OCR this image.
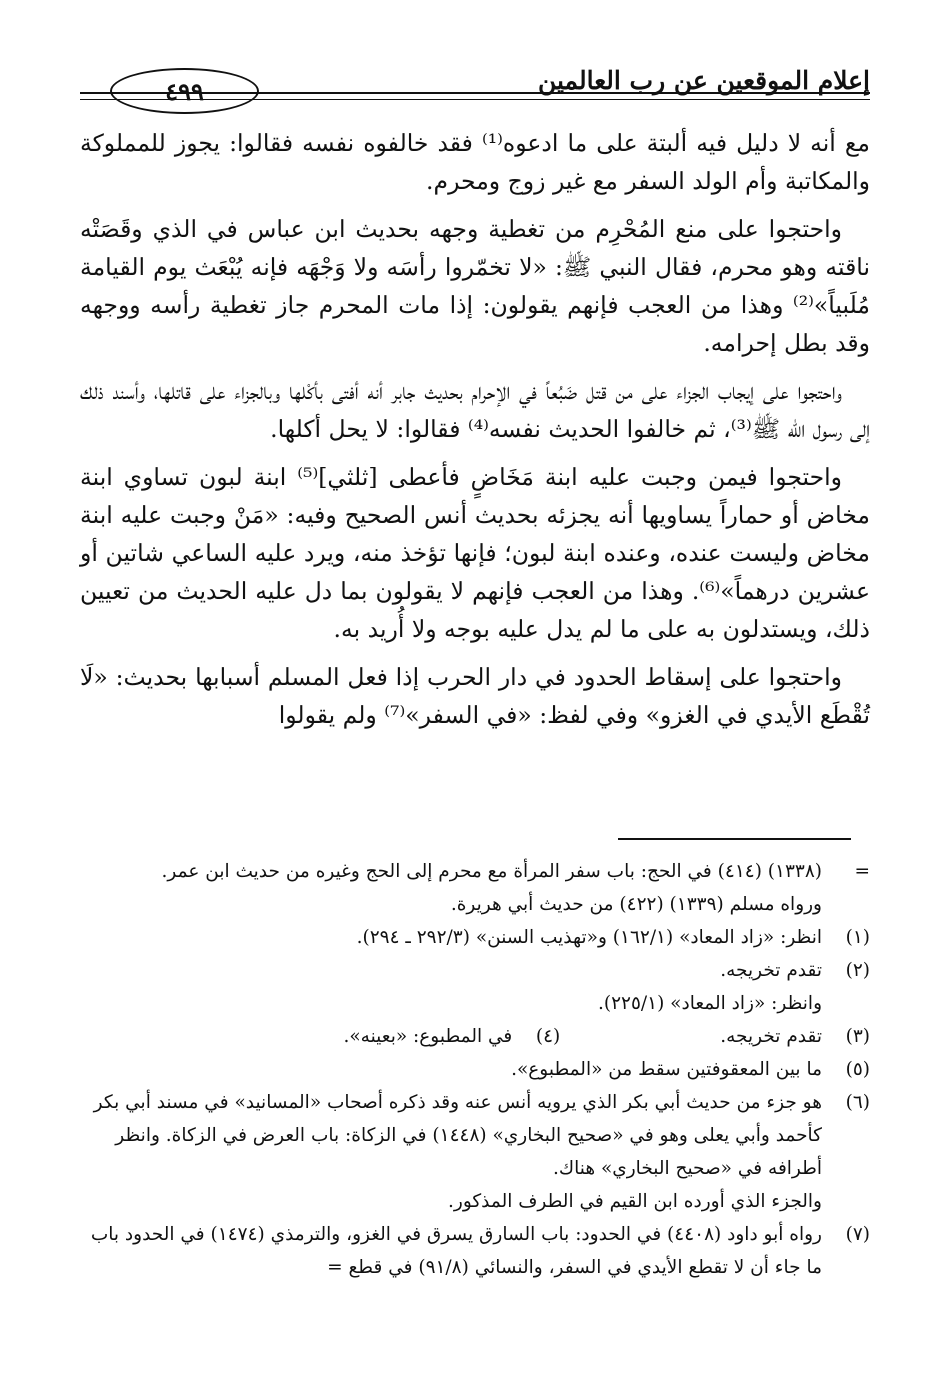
إعلام الموقعين عن رب العالمين
٤٩٩

مع أنه لا دليل فيه ألبتة على ما ادعوه⁽¹⁾ فقد خالفوه نفسه فقالوا: يجوز للمملوكة والمكاتبة وأم الولد السفر مع غير زوج ومحرم.

واحتجوا على منع المُحْرِم من تغطية وجهه بحديث ابن عباس في الذي وقَصَتْه ناقته وهو محرم، فقال النبي ﷺ: «لا تخمّروا رأسَه ولا وَجْهَه فإنه يُبْعَث يوم القيامة مُلَبياً»⁽²⁾ وهذا من العجب فإنهم يقولون: إذا مات المحرم جاز تغطية رأسه ووجهه وقد بطل إحرامه.

واحتجوا على إيجاب الجزاء على من قتل ضَبُعاً في الإحرام بحديث جابر أنه أفتى بأكْلها وبالجزاء على قاتلها، وأسند ذلك إلى رسول الله ﷺ⁽³⁾، ثم خالفوا الحديث نفسه⁽⁴⁾ فقالوا: لا يحل أكلها.

واحتجوا فيمن وجبت عليه ابنة مَخَاضٍ فأعطى [ثلثي]⁽⁵⁾ ابنة لبون تساوي ابنة مخاض أو حماراً يساويها أنه يجزئه بحديث أنس الصحيح وفيه: «مَنْ وجبت عليه ابنة مخاض وليست عنده، وعنده ابنة لبون؛ فإنها تؤخذ منه، ويرد عليه الساعي شاتين أو عشرين درهماً»⁽⁶⁾. وهذا من العجب فإنهم لا يقولون بما دل عليه الحديث من تعيين ذلك، ويستدلون به على ما لم يدل عليه بوجه ولا أُريد به.

واحتجوا على إسقاط الحدود في دار الحرب إذا فعل المسلم أسبابها بحديث: «لَا تُقْطَع الأيدي في الغزو» وفي لفظ: «في السفر»⁽⁷⁾ ولم يقولوا

=
(١٣٣٨) (٤١٤) في الحج: باب سفر المرأة مع محرم إلى الحج وغيره من حديث ابن عمر.
ورواه مسلم (١٣٣٩) (٤٢٢) من حديث أبي هريرة.
(١)
انظر: «زاد المعاد» (١٦٢/١) و«تهذيب السنن» (٢٩٢/٣ ـ ٢٩٤).
(٢)
تقدم تخريجه.
وانظر: «زاد المعاد» (٢٢٥/١).
(٣)
تقدم تخريجه.
(٤)
في المطبوع: «بعينه».
(٥)
ما بين المعقوفتين سقط من «المطبوع».
(٦)
هو جزء من حديث أبي بكر الذي يرويه أنس عنه وقد ذكره أصحاب «المسانيد» في مسند أبي بكر كأحمد وأبي يعلى وهو في «صحيح البخاري» (١٤٤٨) في الزكاة: باب العرض في الزكاة. وانظر أطرافه في «صحيح البخاري» هناك.
والجزء الذي أورده ابن القيم في الطرف المذكور.
(٧)
رواه أبو داود (٤٤٠٨) في الحدود: باب السارق يسرق في الغزو، والترمذي (١٤٧٤) في الحدود باب ما جاء أن لا تقطع الأيدي في السفر، والنسائي (٩١/٨) في قطع =
